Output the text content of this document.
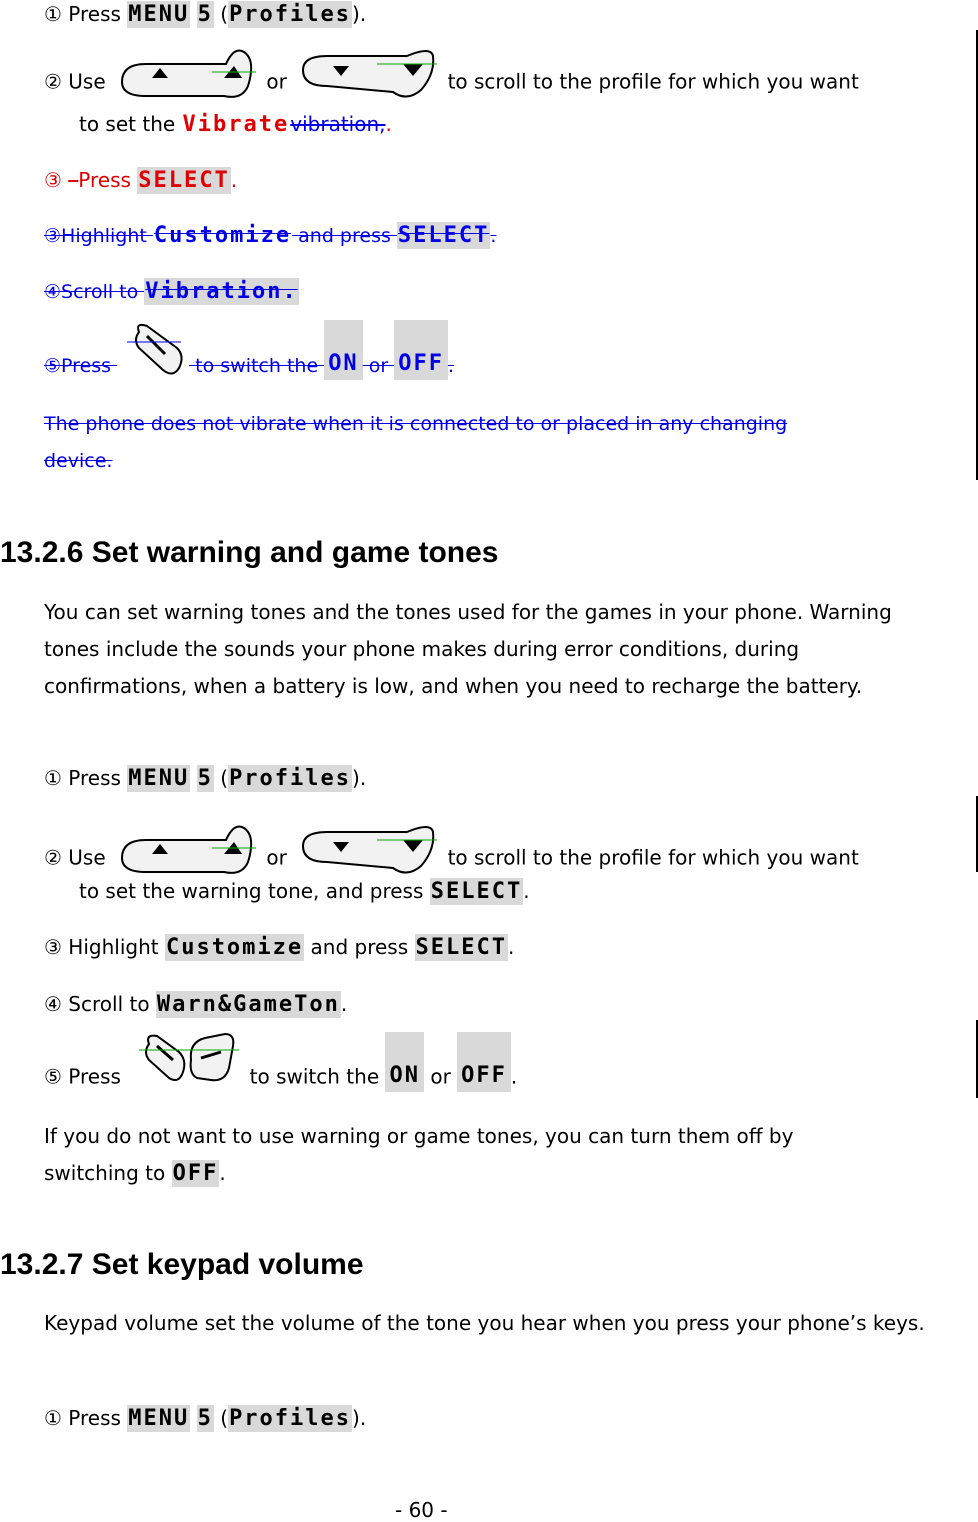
① Press MENU 5 (Profiles).
② Use	or	to scroll to the profile for which you want
to set the Vibratevibration,.
③ –Press SELECT.
③Highlight Customize and press SELECT.
④Scroll to Vibration.
⑤Press	to switch the ON or OFF .
The phone does not vibrate when it is connected to or placed in any changing
device.
13.2.6 Set warning and game tones
You can set warning tones and the tones used for the games in your phone. Warning tones include the sounds your phone makes during error conditions, during confirmations, when a battery is low, and when you need to recharge the battery.
① Press MENU 5 (Profiles).
② Use	or	to scroll to the profile for which you want
to set the warning tone, and press SELECT.
③ Highlight Customize and press SELECT.
④ Scroll to Warn&GameTon.
⑤ Press	to switch the ON or OFF .
If you do not want to use warning or game tones, you can turn them off by
switching to OFF.
13.2.7 Set keypad volume
Keypad volume set the volume of the tone you hear when you press your phone’s keys.
① Press MENU 5 (Profiles).
- 60 -
